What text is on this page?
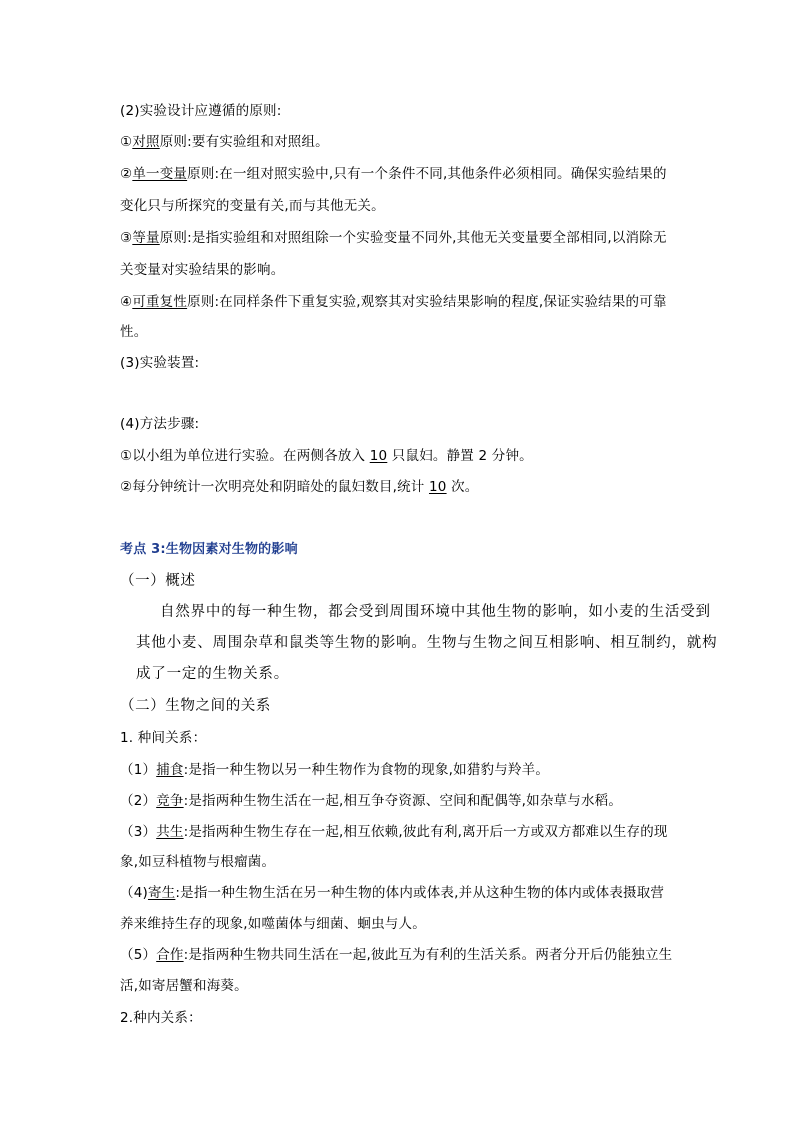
(2)实验设计应遵循的原则:
①对照原则:要有实验组和对照组。
②单一变量原则:在一组对照实验中,只有一个条件不同,其他条件必须相同。确保实验结果的
变化只与所探究的变量有关,而与其他无关。
③等量原则:是指实验组和对照组除一个实验变量不同外,其他无关变量要全部相同,以消除无
关变量对实验结果的影响。
④可重复性原则:在同样条件下重复实验,观察其对实验结果影响的程度,保证实验结果的可靠
性。
(3)实验装置:
(4)方法步骤:
①以小组为单位进行实验。在两侧各放入 10 只鼠妇。静置 2 分钟。
②每分钟统计一次明亮处和阴暗处的鼠妇数目,统计 10 次。
考点 3:生物因素对生物的影响
（一）概述
自然界中的每一种生物，都会受到周围环境中其他生物的影响，如小麦的生活受到
其他小麦、周围杂草和鼠类等生物的影响。生物与生物之间互相影响、相互制约，就构
成了一定的生物关系。
（二）生物之间的关系
1. 种间关系：
（1）捕食:是指一种生物以另一种生物作为食物的现象,如猎豹与羚羊。
（2）竞争:是指两种生物生活在一起,相互争夺资源、空间和配偶等,如杂草与水稻。
（3）共生:是指两种生物生存在一起,相互依赖,彼此有利,离开后一方或双方都难以生存的现
象,如豆科植物与根瘤菌。
（4)寄生:是指一种生物生活在另一种生物的体内或体表,并从这种生物的体内或体表摄取营
养来维持生存的现象,如噬菌体与细菌、蛔虫与人。
（5）合作:是指两种生物共同生活在一起,彼此互为有利的生活关系。两者分开后仍能独立生
活,如寄居蟹和海葵。
2.种内关系：
